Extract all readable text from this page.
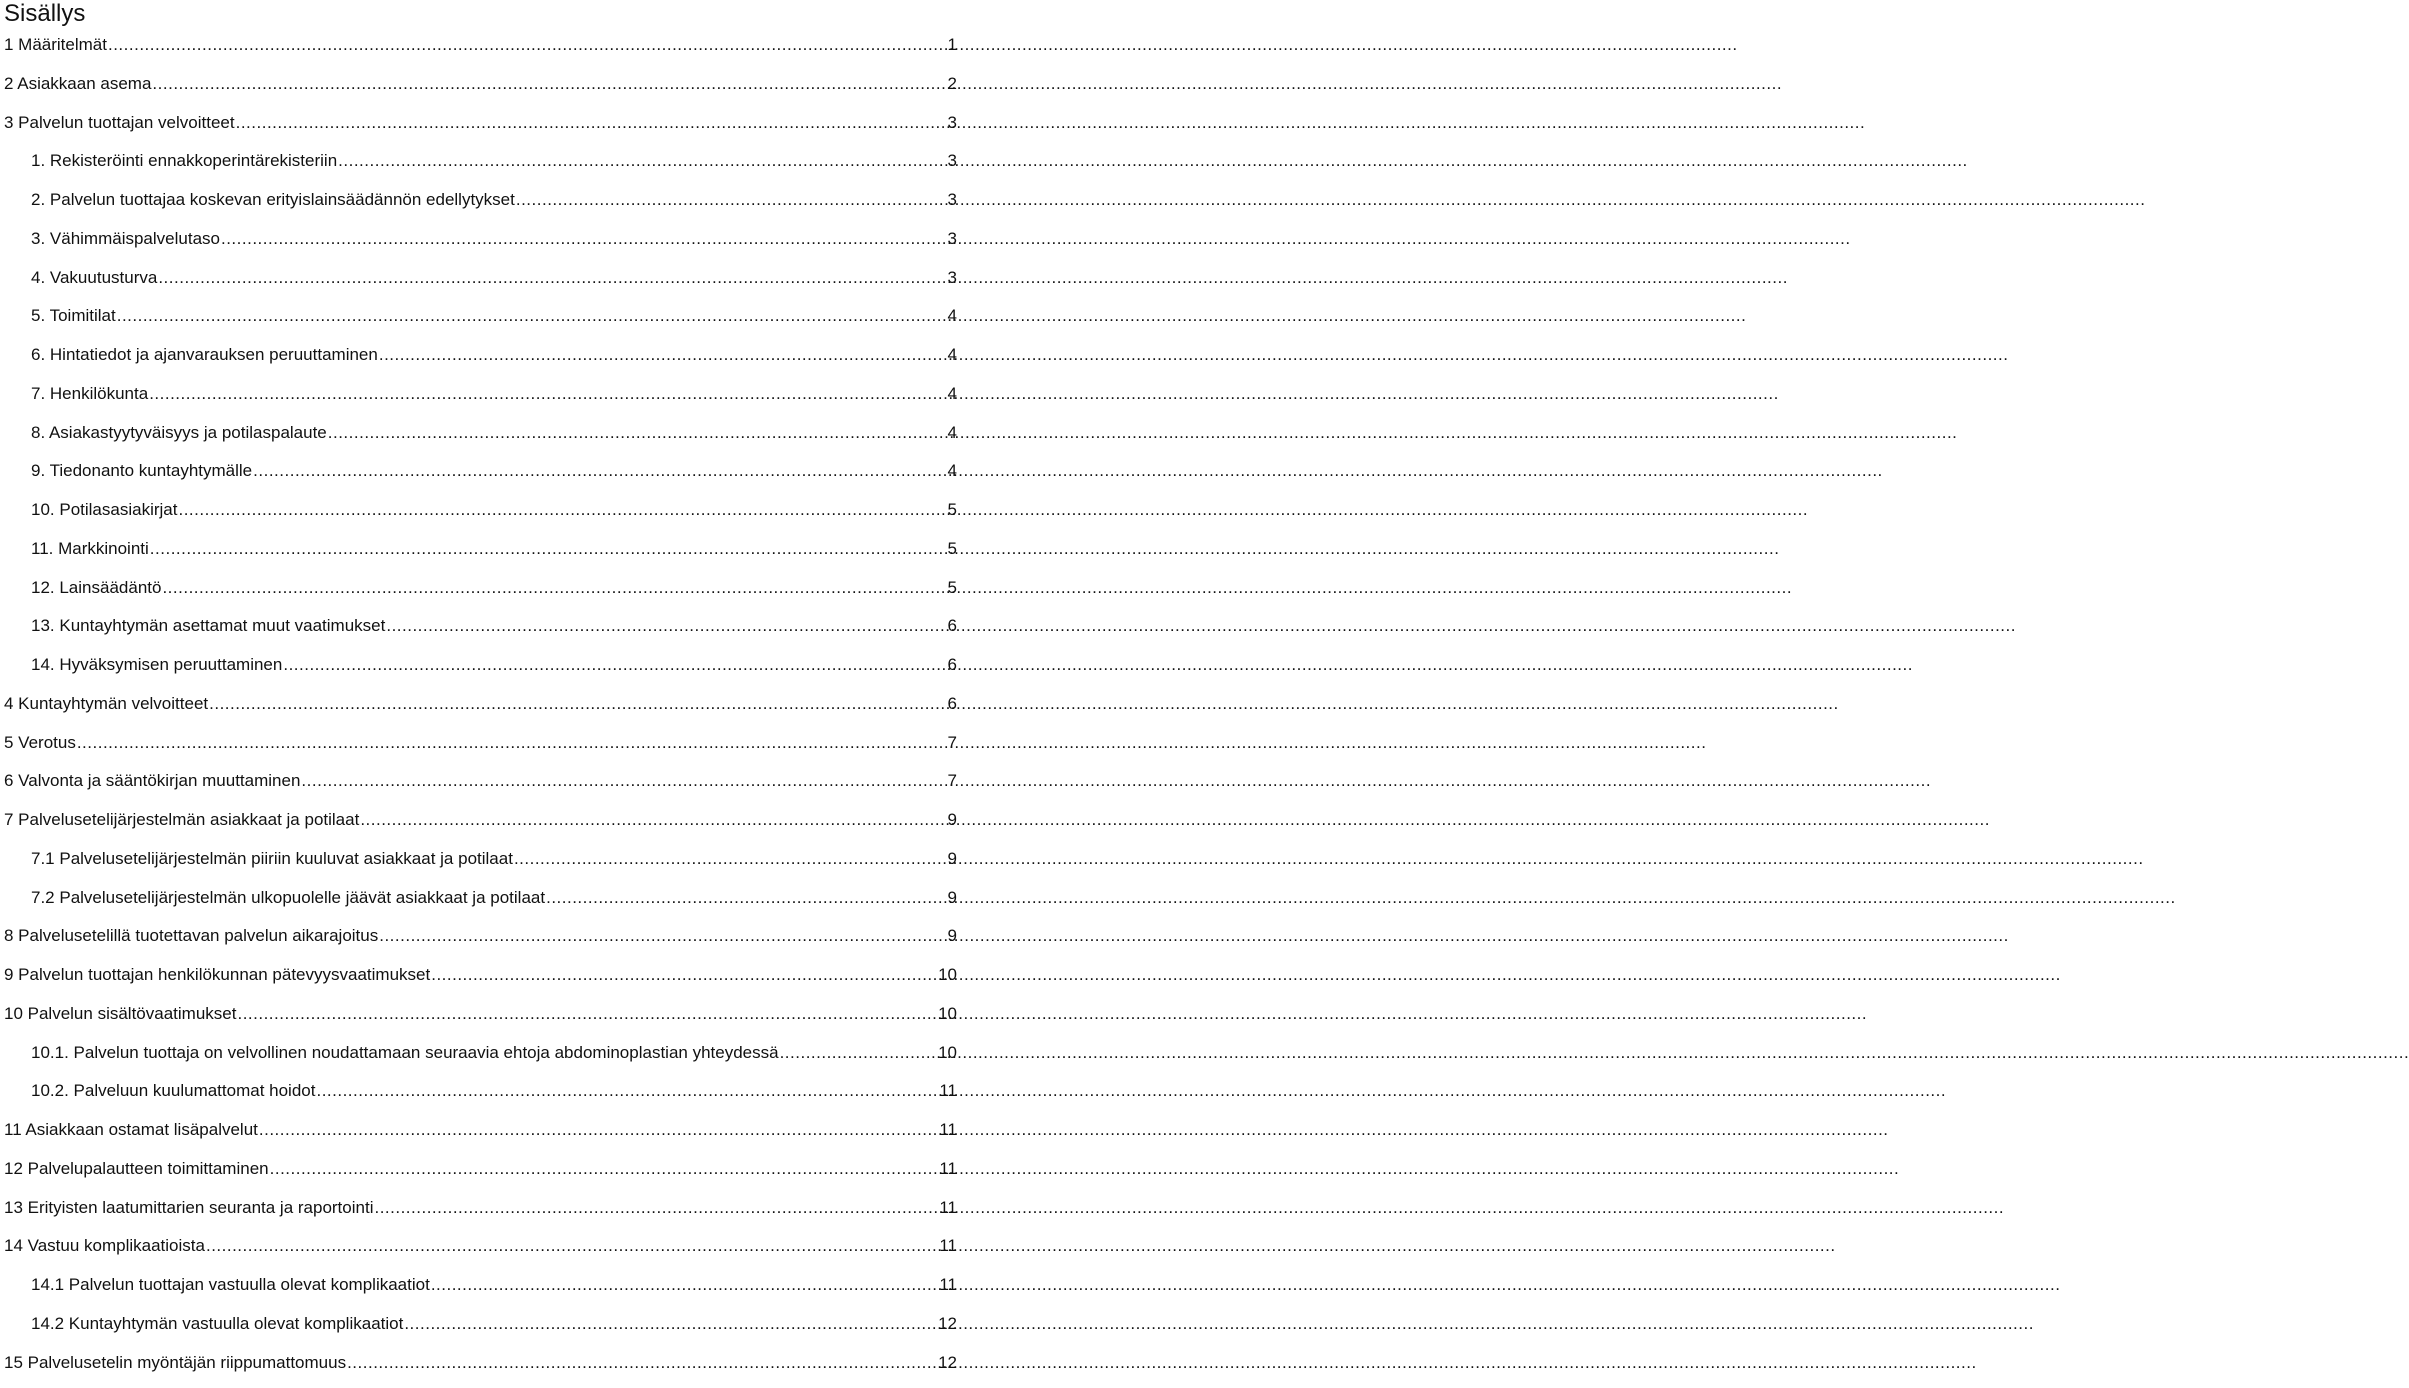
Sisällys
1 Määritelmät .....	1
2 Asiakkaan asema .....	2
3 Palvelun tuottajan velvoitteet .....	3
1. Rekisteröinti ennakkoperintärekisteriin .....	3
2. Palvelun tuottajaa koskevan erityislainsäädännön edellytykset .....	3
3. Vähimmäispalvelutaso .....	3
4. Vakuutusturva .....	3
5. Toimitilat .....	4
6. Hintatiedot ja ajanvarauksen peruuttaminen .....	4
7. Henkilökunta .....	4
8. Asiakastyytyväisyys ja potilaspalaute .....	4
9. Tiedonanto kuntayhtymälle .....	4
10. Potilasasiakirjat .....	5
11. Markkinointi .....	5
12. Lainsäädäntö .....	5
13. Kuntayhtymän asettamat muut vaatimukset .....	6
14. Hyväksymisen peruuttaminen .....	6
4 Kuntayhtymän velvoitteet .....	6
5 Verotus .....	7
6 Valvonta ja sääntökirjan muuttaminen .....	7
7 Palvelusetelijärjestelmän asiakkaat ja potilaat .....	9
7.1 Palvelusetelijärjestelmän piiriin kuuluvat asiakkaat ja potilaat .....	9
7.2 Palvelusetelijärjestelmän ulkopuolelle jäävät asiakkaat ja potilaat .....	9
8 Palvelusetelillä tuotettavan palvelun aikarajoitus .....	9
9 Palvelun tuottajan henkilökunnan pätevyysvaatimukset .....	10
10 Palvelun sisältövaatimukset .....	10
10.1. Palvelun tuottaja on velvollinen noudattamaan seuraavia ehtoja abdominoplastian yhteydessä .....	10
10.2. Palveluun kuulumattomat hoidot .....	11
11 Asiakkaan ostamat lisäpalvelut .....	11
12 Palvelupalautteen toimittaminen .....	11
13 Erityisten laatumittarien seuranta ja raportointi .....	11
14 Vastuu komplikaatioista .....	11
14.1 Palvelun tuottajan vastuulla olevat komplikaatiot .....	11
14.2 Kuntayhtymän vastuulla olevat komplikaatiot .....	12
15 Palvelusetelin myöntäjän riippumattomuus .....	12
